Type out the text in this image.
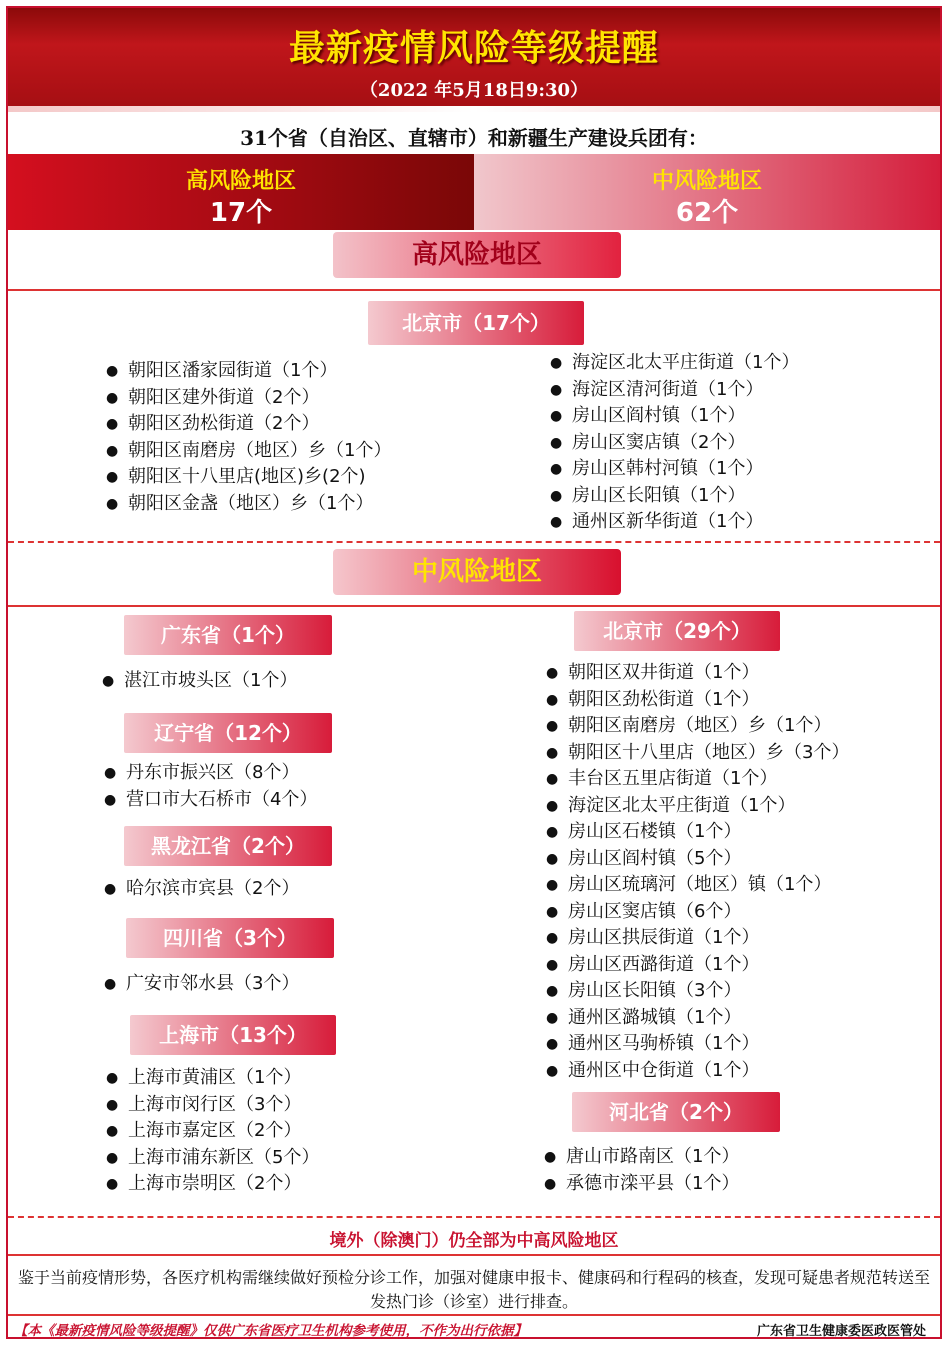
最新疫情风险等级提醒
（2022 年5月18日9:30）
31个省（自治区、直辖市）和新疆生产建设兵团有：
高风险地区
17个
中风险地区
62个
高风险地区
北京市（17个）
● 朝阳区潘家园街道（1个）
● 朝阳区建外街道（2个）
● 朝阳区劲松街道（2个）
● 朝阳区南磨房（地区）乡（1个）
● 朝阳区十八里店(地区)乡(2个)
● 朝阳区金盏（地区）乡（1个）
● 海淀区北太平庄街道（1个）
● 海淀区清河街道（1个）
● 房山区阎村镇（1个）
● 房山区窦店镇（2个）
● 房山区韩村河镇（1个）
● 房山区长阳镇（1个）
● 通州区新华街道（1个）
中风险地区
广东省（1个）
● 湛江市坡头区（1个）
辽宁省（12个）
● 丹东市振兴区（8个）
● 营口市大石桥市（4个）
黑龙江省（2个）
● 哈尔滨市宾县（2个）
四川省（3个）
● 广安市邻水县（3个）
上海市（13个）
● 上海市黄浦区（1个）
● 上海市闵行区（3个）
● 上海市嘉定区（2个）
● 上海市浦东新区（5个）
● 上海市崇明区（2个）
北京市（29个）
● 朝阳区双井街道（1个）
● 朝阳区劲松街道（1个）
● 朝阳区南磨房（地区）乡（1个）
● 朝阳区十八里店（地区）乡（3个）
● 丰台区五里店街道（1个）
● 海淀区北太平庄街道（1个）
● 房山区石楼镇（1个）
● 房山区阎村镇（5个）
● 房山区琉璃河（地区）镇（1个）
● 房山区窦店镇（6个）
● 房山区拱辰街道（1个）
● 房山区西潞街道（1个）
● 房山区长阳镇（3个）
● 通州区潞城镇（1个）
● 通州区马驹桥镇（1个）
● 通州区中仓街道（1个）
河北省（2个）
● 唐山市路南区（1个）
● 承德市滦平县（1个）
境外（除澳门）仍全部为中高风险地区
鉴于当前疫情形势，各医疗机构需继续做好预检分诊工作，加强对健康申报卡、健康码和行程码的核查，发现可疑患者规范转送至发热门诊（诊室）进行排查。
【本《最新疫情风险等级提醒》仅供广东省医疗卫生机构参考使用，不作为出行依据】	广东省卫生健康委医政医管处
